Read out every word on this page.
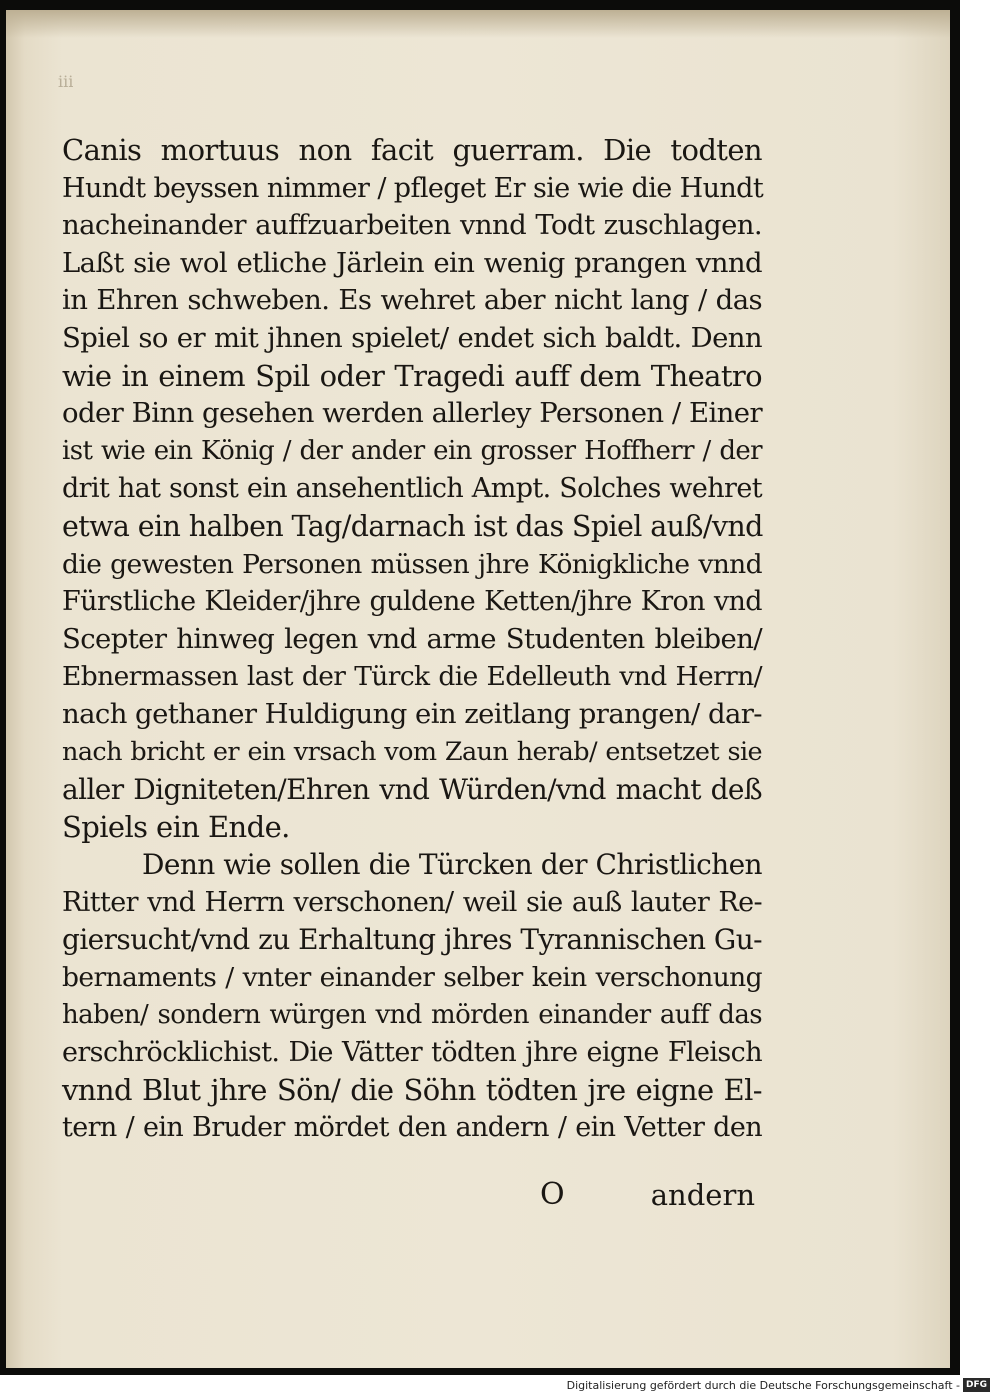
iii
Canis mortuus non facit guerram. Die todten
Hundt beyssen nimmer / pfleget Er sie wie die Hundt
nacheinander auffzuarbeiten vnnd Todt zuschlagen.
Laßt sie wol etliche Järlein ein wenig prangen vnnd
in Ehren schweben. Es wehret aber nicht lang / das
Spiel so er mit jhnen spielet/ endet sich baldt. Denn
wie in einem Spil oder Tragedi auff dem Theatro
oder Binn gesehen werden allerley Personen / Einer
ist wie ein König / der ander ein grosser Hoffherr / der
drit hat sonst ein ansehentlich Ampt. Solches wehret
etwa ein halben Tag/darnach ist das Spiel auß/vnd
die gewesten Personen müssen jhre Königkliche vnnd
Fürstliche Kleider/jhre guldene Ketten/jhre Kron vnd
Scepter hinweg legen vnd arme Studenten bleiben/
Ebnermassen last der Türck die Edelleuth vnd Herrn/
nach gethaner Huldigung ein zeitlang prangen/ dar-
nach bricht er ein vrsach vom Zaun herab/ entsetzet sie
aller Digniteten/Ehren vnd Würden/vnd macht deß
Spiels ein Ende.
Denn wie sollen die Türcken der Christlichen
Ritter vnd Herrn verschonen/ weil sie auß lauter Re-
giersucht/vnd zu Erhaltung jhres Tyrannischen Gu-
bernaments / vnter einander selber kein verschonung
haben/ sondern würgen vnd mörden einander auff das
erschröcklichist. Die Vätter tödten jhre eigne Fleisch
vnnd Blut jhre Sön/ die Söhn tödten jre eigne El-
tern / ein Bruder mördet den andern / ein Vetter den
O	andern
Digitalisierung gefördert durch die Deutsche Forschungsgemeinschaft - DFG
